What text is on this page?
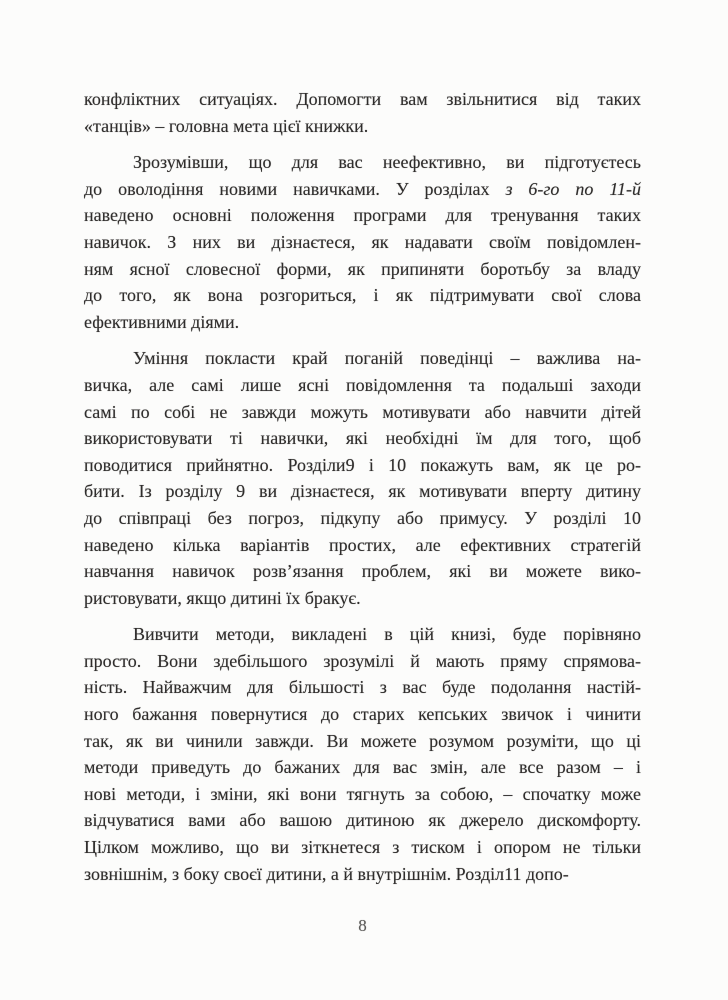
конфліктних ситуаціях. Допомогти вам звільнитися від таких
«танців» – головна мета цієї книжки.
Зрозумівши, що для вас неефективно, ви підготуєтесь
до оволодіння новими навичками. У розділах з 6-го по 11-й
наведено основні положення програми для тренування таких
навичок. З них ви дізнаєтеся, як надавати своїм повідомлен-
ням ясної словесної форми, як припиняти боротьбу за владу
до того, як вона розгориться, і як підтримувати свої слова
ефективними діями.
Уміння покласти край поганій поведінці – важлива на-
вичка, але самі лише ясні повідомлення та подальші заходи
самі по собі не завжди можуть мотивувати або навчити дітей
використовувати ті навички, які необхідні їм для того, щоб
поводитися прийнятно. Розділи9 і 10 покажуть вам, як це ро-
бити. Із розділу 9 ви дізнаєтеся, як мотивувати вперту дитину
до співпраці без погроз, підкупу або примусу. У розділі 10
наведено кілька варіантів простих, але ефективних стратегій
навчання навичок розв’язання проблем, які ви можете вико-
ристовувати, якщо дитині їх бракує.
Вивчити методи, викладені в цій книзі, буде порівняно
просто. Вони здебільшого зрозумілі й мають пряму спрямова-
ність. Найважчим для більшості з вас буде подолання настій-
ного бажання повернутися до старих кепських звичок і чинити
так, як ви чинили завжди. Ви можете розумом розуміти, що ці
методи приведуть до бажаних для вас змін, але все разом – і
нові методи, і зміни, які вони тягнуть за собою, – спочатку може
відчуватися вами або вашою дитиною як джерело дискомфорту.
Цілком можливо, що ви зіткнетеся з тиском і опором не тільки
зовнішнім, з боку своєї дитини, а й внутрішнім. Розділ11 допо-
8
